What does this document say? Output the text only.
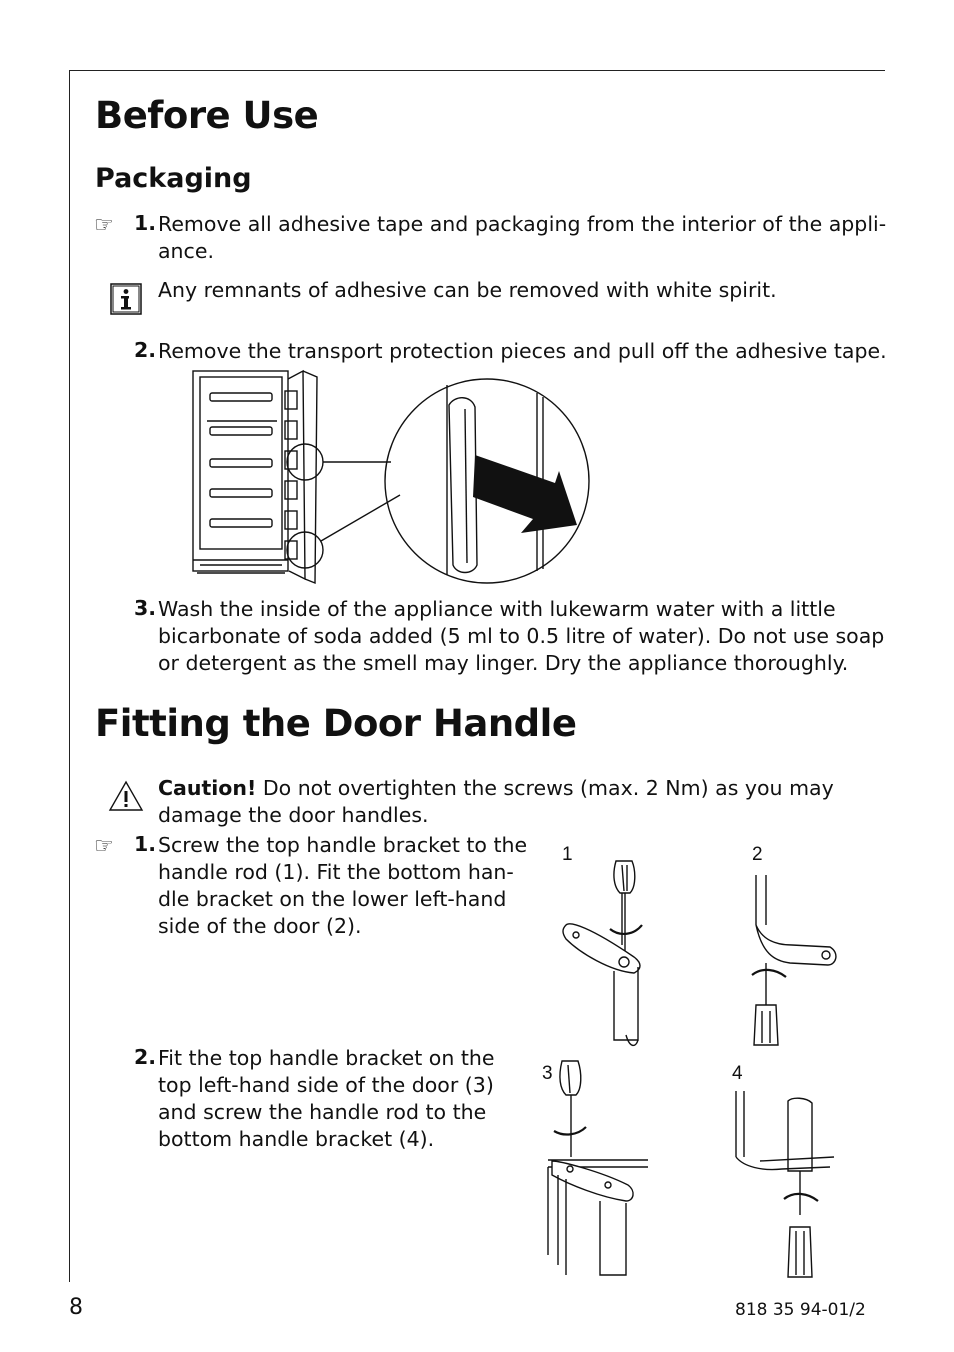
Before Use
Packaging
☞ 1. Remove all adhesive tape and packaging from the interior of the appli-
ance.
Any remnants of adhesive can be removed with white spirit.
2. Remove the transport protection pieces and pull off the adhesive tape.
3. Wash the inside of the appliance with lukewarm water with a little
bicarbonate of soda added (5 ml to 0.5 litre of water). Do not use soap
or detergent as the smell may linger. Dry the appliance thoroughly.
Fitting the Door Handle
Caution! Do not overtighten the screws (max. 2 Nm) as you may
damage the door handles.
☞ 1. Screw the top handle bracket to the
handle rod (1). Fit the bottom han-
dle bracket on the lower left-hand
side of the door (2).
2. Fit the top handle bracket on the
top left-hand side of the door (3)
and screw the handle rod to the
bottom handle bracket (4).
1	2
3	4
8	818 35 94-01/2
